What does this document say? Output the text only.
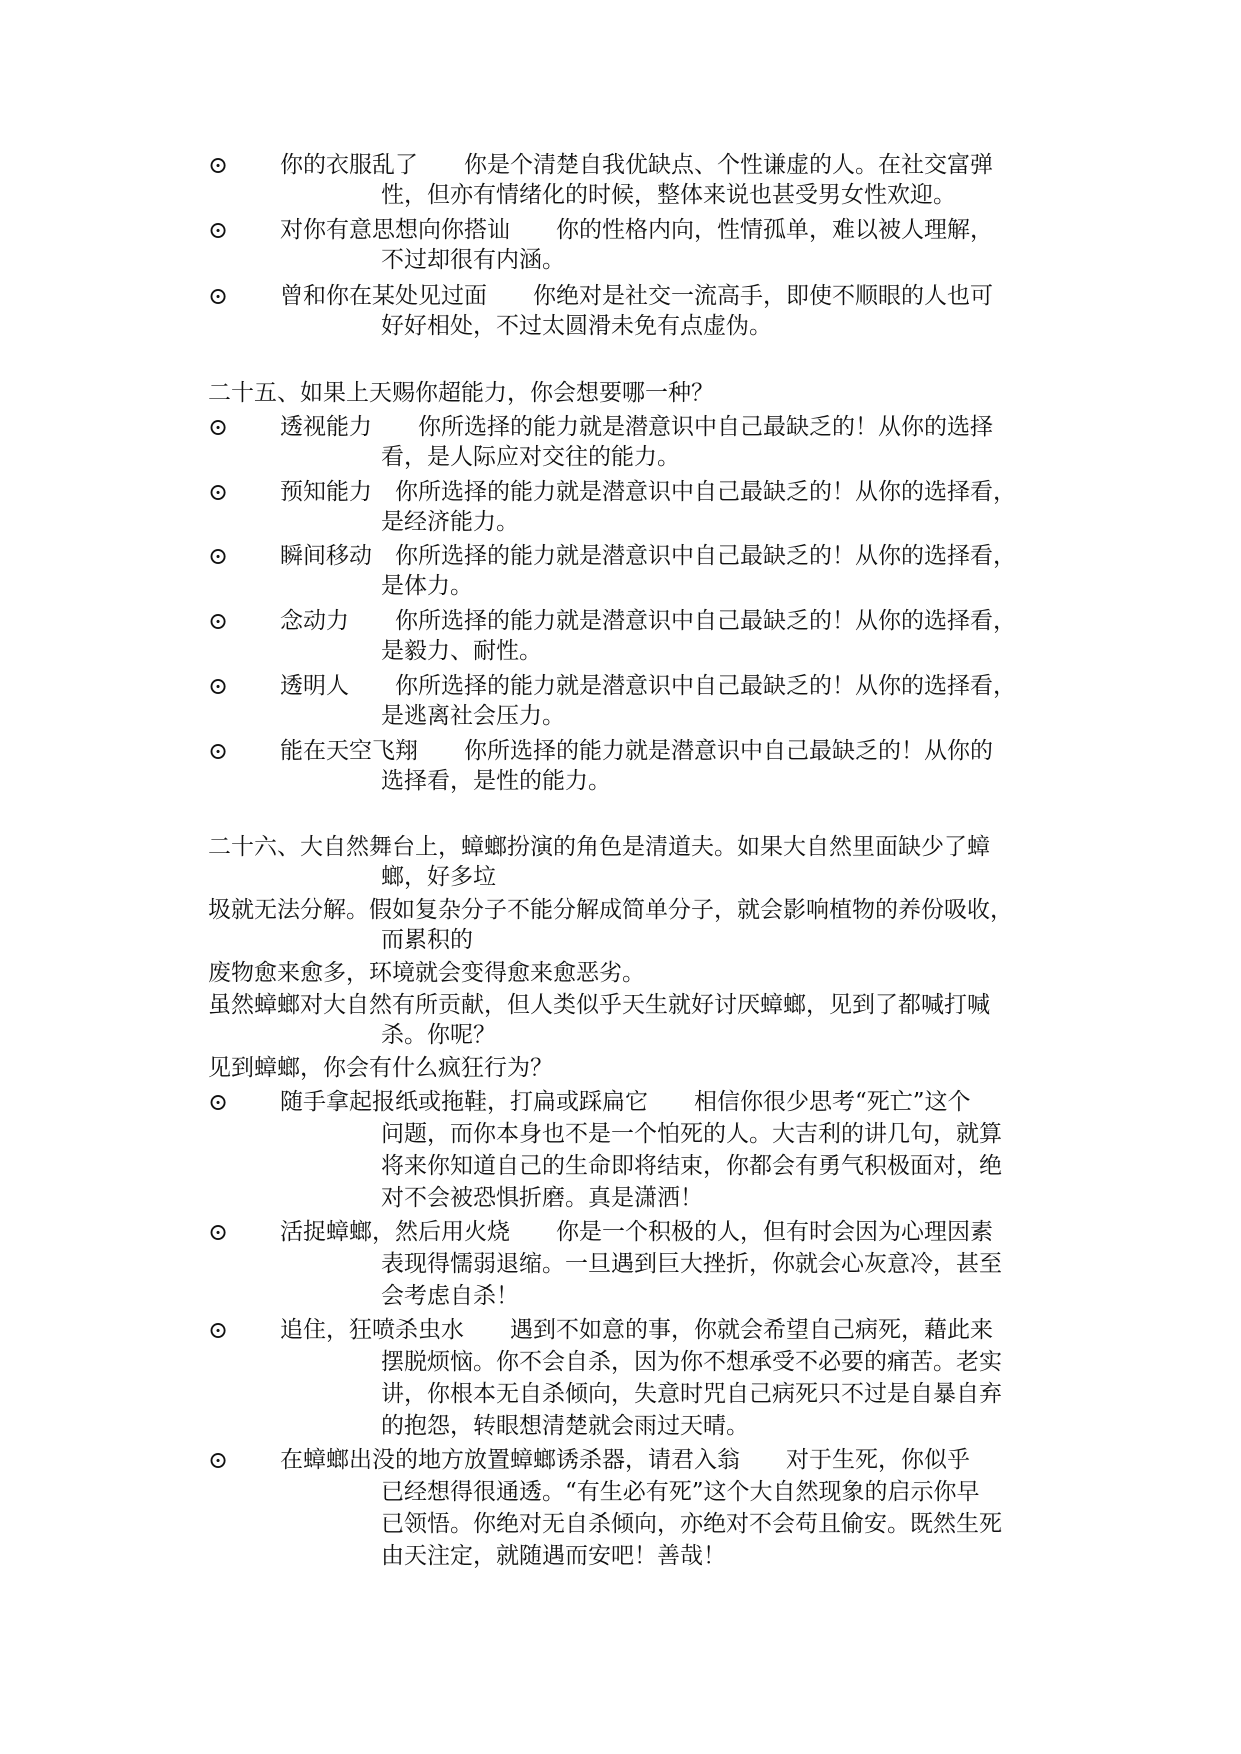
⊙ 你的衣服乱了　　你是个清楚自我优缺点、个性谦虚的人。在社交富弹
性，但亦有情绪化的时候，整体来说也甚受男女性欢迎。
⊙ 对你有意思想向你搭讪　　你的性格内向，性情孤单，难以被人理解，
不过却很有内涵。
⊙ 曾和你在某处见过面　　你绝对是社交一流高手，即使不顺眼的人也可
好好相处，不过太圆滑未免有点虚伪。
二十五、如果上天赐你超能力，你会想要哪一种？
⊙ 透视能力　　你所选择的能力就是潜意识中自己最缺乏的！从你的选择
看，是人际应对交往的能力。
⊙ 预知能力　你所选择的能力就是潜意识中自己最缺乏的！从你的选择看，
是经济能力。
⊙ 瞬间移动　你所选择的能力就是潜意识中自己最缺乏的！从你的选择看，
是体力。
⊙ 念动力　　你所选择的能力就是潜意识中自己最缺乏的！从你的选择看，
是毅力、耐性。
⊙ 透明人　　你所选择的能力就是潜意识中自己最缺乏的！从你的选择看，
是逃离社会压力。
⊙ 能在天空飞翔　　你所选择的能力就是潜意识中自己最缺乏的！从你的
选择看，是性的能力。
二十六、大自然舞台上，蟑螂扮演的角色是清道夫。如果大自然里面缺少了蟑
螂，好多垃
圾就无法分解。假如复杂分子不能分解成简单分子，就会影响植物的养份吸收，
而累积的
废物愈来愈多，环境就会变得愈来愈恶劣。
虽然蟑螂对大自然有所贡献，但人类似乎天生就好讨厌蟑螂，见到了都喊打喊
杀。你呢？
见到蟑螂，你会有什么疯狂行为？
⊙ 随手拿起报纸或拖鞋，打扁或踩扁它　　相信你很少思考“死亡”这个
问题，而你本身也不是一个怕死的人。大吉利的讲几句，就算
将来你知道自己的生命即将结束，你都会有勇气积极面对，绝
对不会被恐惧折磨。真是潇洒！
⊙ 活捉蟑螂，然后用火烧　　你是一个积极的人，但有时会因为心理因素
表现得懦弱退缩。一旦遇到巨大挫折，你就会心灰意冷，甚至
会考虑自杀！
⊙ 追住，狂喷杀虫水　　遇到不如意的事，你就会希望自己病死，藉此来
摆脱烦恼。你不会自杀，因为你不想承受不必要的痛苦。老实
讲，你根本无自杀倾向，失意时咒自己病死只不过是自暴自弃
的抱怨，转眼想清楚就会雨过天晴。
⊙ 在蟑螂出没的地方放置蟑螂诱杀器，请君入翁　　对于生死，你似乎
已经想得很通透。“有生必有死”这个大自然现象的启示你早
已领悟。你绝对无自杀倾向，亦绝对不会苟且偷安。既然生死
由天注定，就随遇而安吧！善哉！
